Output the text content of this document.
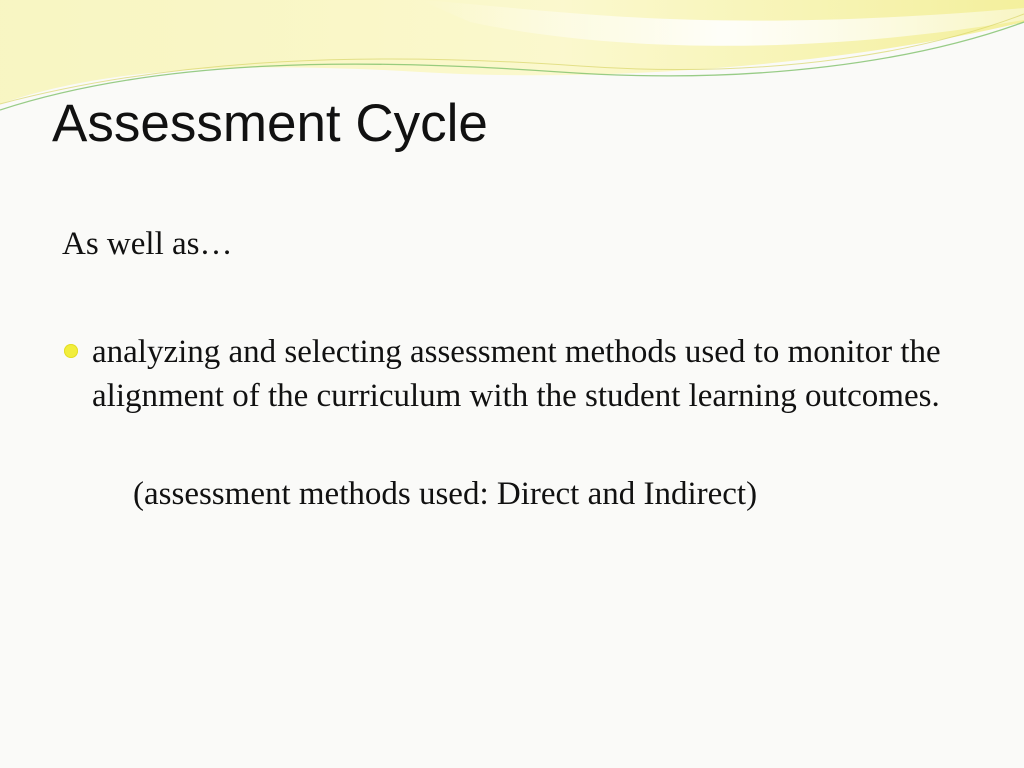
Assessment Cycle

As well as…

analyzing and selecting assessment methods used to monitor the alignment of the curriculum with the student learning outcomes.

(assessment methods used: Direct and Indirect)
